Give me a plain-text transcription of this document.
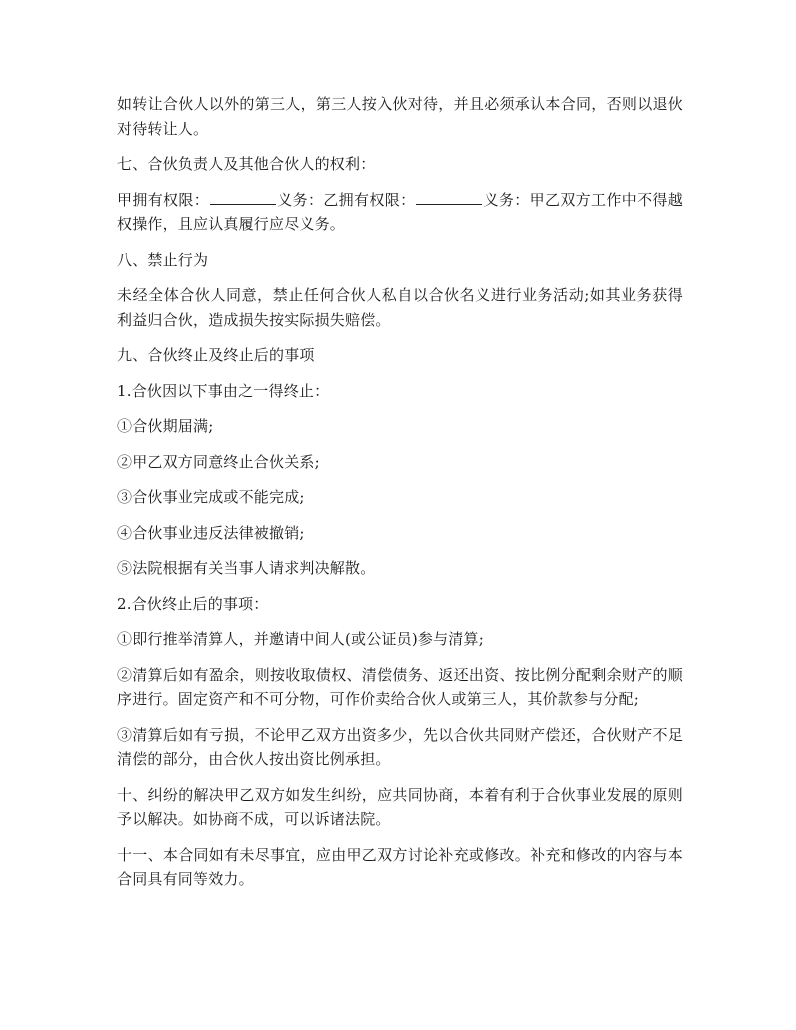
如转让合伙人以外的第三人，第三人按入伙对待，并且必须承认本合同，否则以退伙对待转让人。

七、合伙负责人及其他合伙人的权利：

甲拥有权限：	义务：乙拥有权限：	义务：甲乙双方工作中不得越权操作，且应认真履行应尽义务。

八、禁止行为

未经全体合伙人同意，禁止任何合伙人私自以合伙名义进行业务活动;如其业务获得利益归合伙，造成损失按实际损失赔偿。

九、合伙终止及终止后的事项

1.合伙因以下事由之一得终止：

①合伙期届满;

②甲乙双方同意终止合伙关系;

③合伙事业完成或不能完成;

④合伙事业违反法律被撤销;

⑤法院根据有关当事人请求判决解散。

2.合伙终止后的事项：

①即行推举清算人，并邀请中间人(或公证员)参与清算;

②清算后如有盈余，则按收取债权、清偿债务、返还出资、按比例分配剩余财产的顺序进行。固定资产和不可分物，可作价卖给合伙人或第三人，其价款参与分配;

③清算后如有亏损，不论甲乙双方出资多少，先以合伙共同财产偿还，合伙财产不足清偿的部分，由合伙人按出资比例承担。

十、纠纷的解决甲乙双方如发生纠纷，应共同协商，本着有利于合伙事业发展的原则予以解决。如协商不成，可以诉诸法院。

十一、本合同如有未尽事宜，应由甲乙双方讨论补充或修改。补充和修改的内容与本合同具有同等效力。
